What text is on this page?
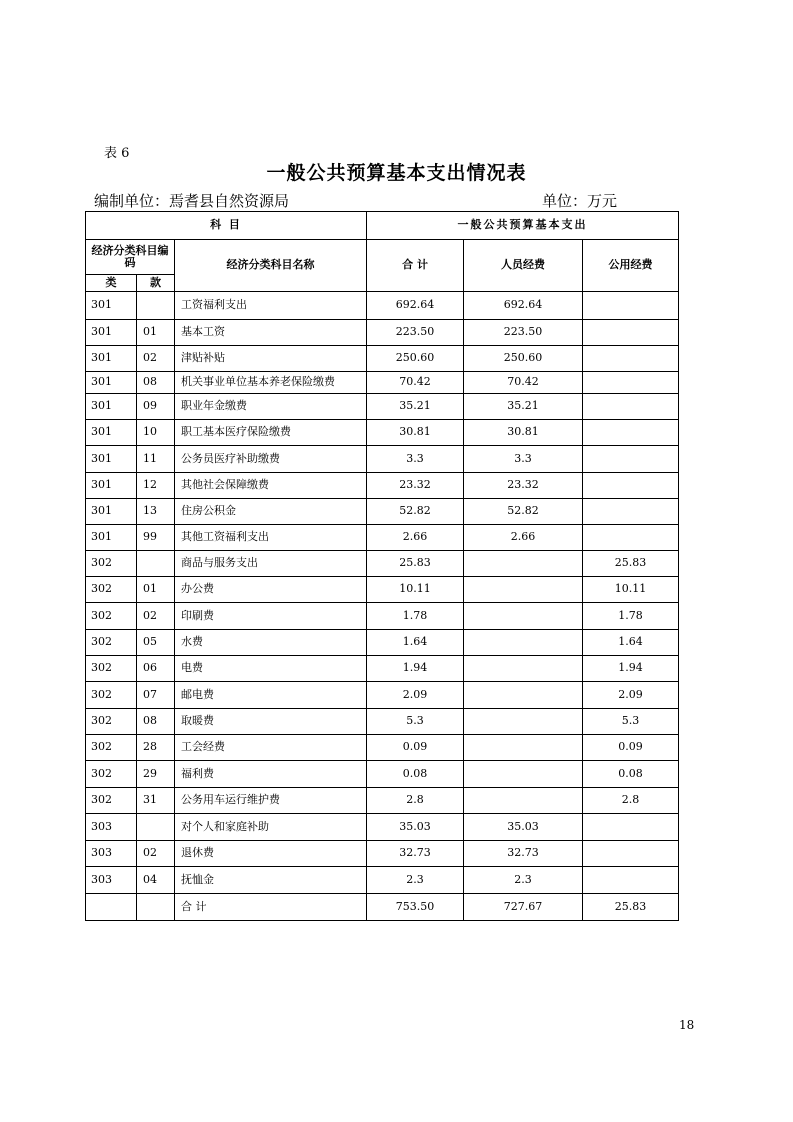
表 6
一般公共预算基本支出情况表
编制单位：焉耆县自然资源局	单位：万元
科 目			一般公共预算基本支出		
经济分类科目编码		经济分类科目名称	合 计	人员经费	公用经费
类	款				
301		工资福利支出	692.64	692.64	
301	01	基本工资	223.50	223.50	
301	02	津贴补贴	250.60	250.60	
301	08	机关事业单位基本养老保险缴费	70.42	70.42	
301	09	职业年金缴费	35.21	35.21	
301	10	职工基本医疗保险缴费	30.81	30.81	
301	11	公务员医疗补助缴费	3.3	3.3	
301	12	其他社会保障缴费	23.32	23.32	
301	13	住房公积金	52.82	52.82	
301	99	其他工资福利支出	2.66	2.66	
302		商品与服务支出	25.83		25.83
302	01	办公费	10.11		10.11
302	02	印刷费	1.78		1.78
302	05	水费	1.64		1.64
302	06	电费	1.94		1.94
302	07	邮电费	2.09		2.09
302	08	取暖费	5.3		5.3
302	28	工会经费	0.09		0.09
302	29	福利费	0.08		0.08
302	31	公务用车运行维护费	2.8		2.8
303		对个人和家庭补助	35.03	35.03	
303	02	退休费	32.73	32.73	
303	04	抚恤金	2.3	2.3	
		合 计	753.50	727.67	25.83
18
